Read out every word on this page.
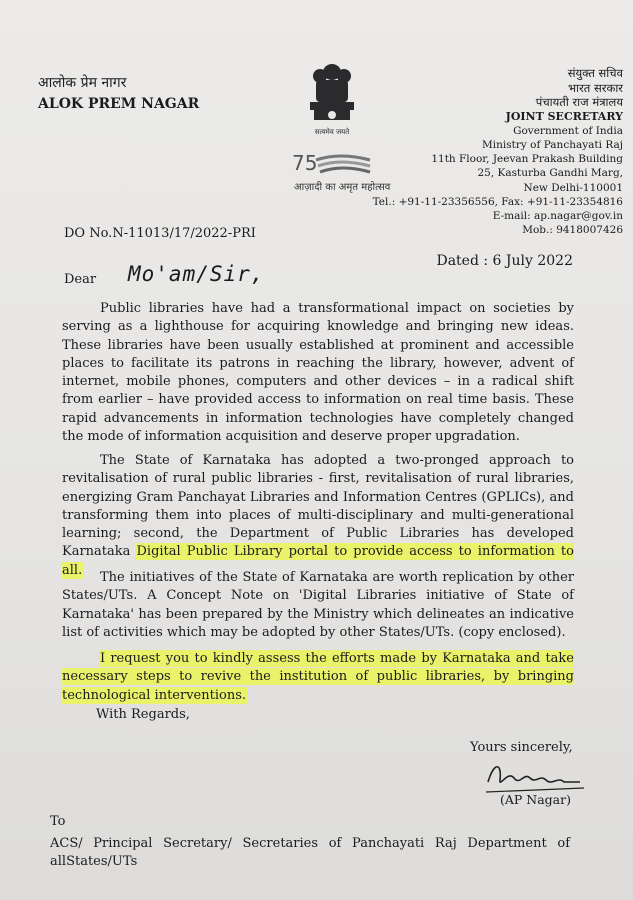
आलोक प्रेम नागर
ALOK PREM NAGAR
सत्यमेव जयते
75
आज़ादी का अमृत महोत्सव
संयुक्त सचिव
भारत सरकार
पंचायती राज मंत्रालय
JOINT SECRETARY
Government of India
Ministry of Panchayati Raj
11th Floor, Jeevan Prakash Building
25, Kasturba Gandhi Marg,
New Delhi-110001
Tel.: +91-11-23356556, Fax: +91-11-23354816
E-mail: ap.nagar@gov.in
Mob.: 9418007426
DO No.N-11013/17/2022-PRI
Dated : 6 July 2022
Dear Mo'am/Sir,
Public libraries have had a transformational impact on societies by serving as a lighthouse for acquiring knowledge and bringing new ideas. These libraries have been usually established at prominent and accessible places to facilitate its patrons in reaching the library, however, advent of internet, mobile phones, computers and other devices – in a radical shift from earlier – have provided access to information on real time basis. These rapid advancements in information technologies have completely changed the mode of information acquisition and deserve proper upgradation.
The State of Karnataka has adopted a two-pronged approach to revitalisation of rural public libraries - first, revitalisation of rural libraries, energizing Gram Panchayat Libraries and Information Centres (GPLICs), and transforming them into places of multi-disciplinary and multi-generational learning; second, the Department of Public Libraries has developed Karnataka Digital Public Library portal to provide access to information to all.	The initiatives of the State of Karnataka are worth replication by other States/UTs. A Concept Note on 'Digital Libraries initiative of State of Karnataka' has been prepared by the Ministry which delineates an indicative list of activities which may be adopted by other States/UTs. (copy enclosed).
I request you to kindly assess the efforts made by Karnataka and take necessary steps to revive the institution of public libraries, by bringing technological interventions.
With Regards,
Yours sincerely,
(AP Nagar)
To
ACS/ Principal Secretary/ Secretaries of Panchayati Raj Department of allStates/UTs
